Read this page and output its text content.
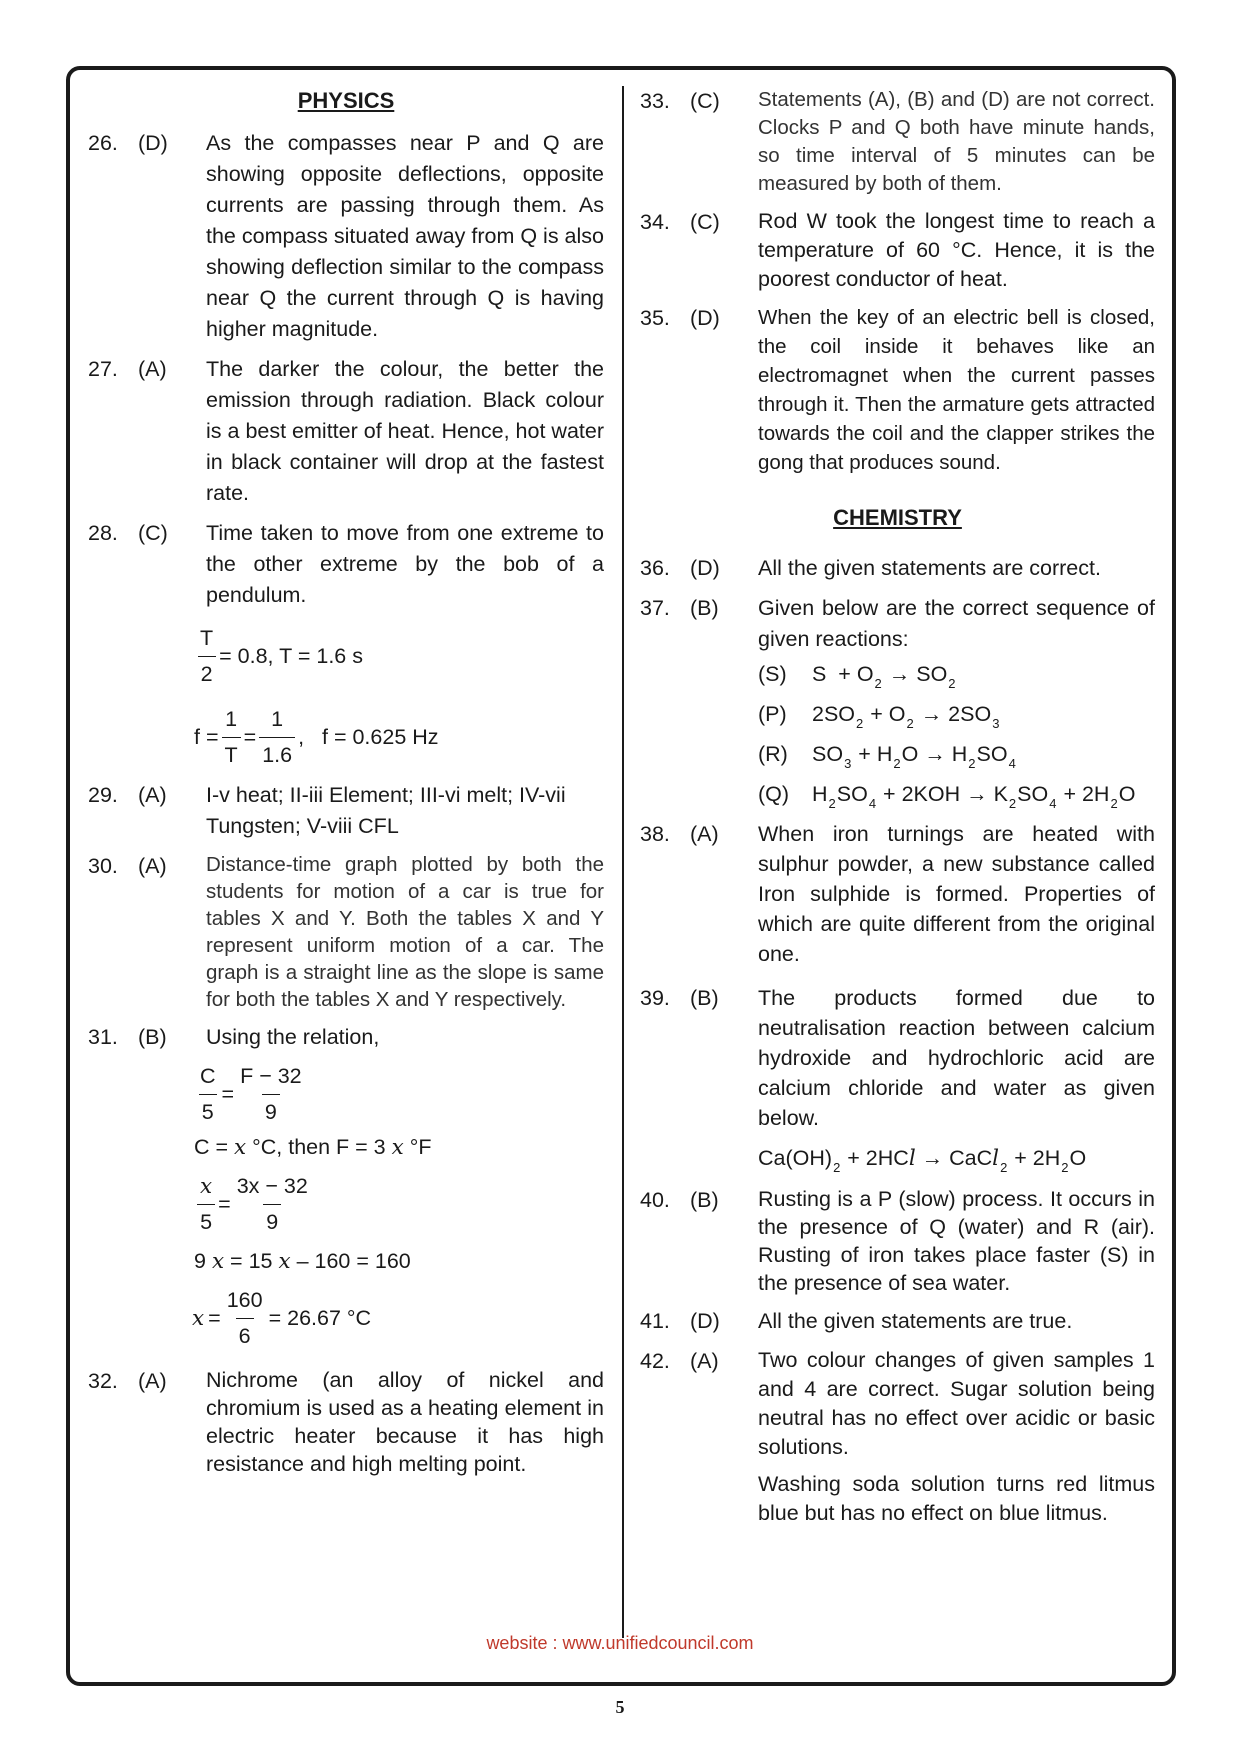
PHYSICS
26. (D) As the compasses near P and Q are showing opposite deflections, opposite currents are passing through them. As the compass situated away from Q is also showing deflection similar to the compass near Q the current through Q is having higher magnitude.
27. (A) The darker the colour, the better the emission through radiation. Black colour is a best emitter of heat. Hence, hot water in black container will drop at the fastest rate.
28. (C) Time taken to move from one extreme to the other extreme by the bob of a pendulum.
$\frac{T}{2} = 0.8$, T = 1.6 s
$f = \frac{1}{T} = \frac{1}{1.6}$ ,   f = 0.625 Hz
29. (A) I-v heat; II-iii Element; III-vi melt; IV-vii Tungsten; V-viii CFL
30. (A) Distance-time graph plotted by both the students for motion of a car is true for tables X and Y. Both the tables X and Y represent uniform motion of a car. The graph is a straight line as the slope is same for both the tables X and Y respectively.
31. (B) Using the relation,
$\frac{C}{5} = \frac{F - 32}{9}$
C = x °C, then F = 3 x °F
$\frac{x}{5} = \frac{3x - 32}{9}$
9 x = 15 x – 160 = 160
$x = \frac{160}{6} = 26.67$ °C
32. (A) Nichrome (an alloy of nickel and chromium is used as a heating element in electric heater because it has high resistance and high melting point.
33. (C) Statements (A), (B) and (D) are not correct. Clocks P and Q both have minute hands, so time interval of 5 minutes can be measured by both of them.
34. (C) Rod W took the longest time to reach a temperature of 60 °C. Hence, it is the poorest conductor of heat.
35. (D) When the key of an electric bell is closed, the coil inside it behaves like an electromagnet when the current passes through it. Then the armature gets attracted towards the coil and the clapper strikes the gong that produces sound.
CHEMISTRY
36. (D) All the given statements are correct.
37. (B) Given below are the correct sequence of given reactions:
(S)	$S + O_2 \to SO_2$
(P)	$2SO_2 + O_2 \to 2SO_3$
(R)	$SO_3 + H_2O \to H_2SO_4$
(Q)	$H_2SO_4 + 2KOH \to K_2SO_4 + 2H_2O$
38. (A) When iron turnings are heated with sulphur powder, a new substance called Iron sulphide is formed. Properties of which are quite different from the original one.
39. (B) The products formed due to neutralisation reaction between calcium hydroxide and hydrochloric acid are calcium chloride and water as given below.
$Ca(OH)_2 + 2HCl$ → CaCl$_2$ + $2H_2O$
40. (B) Rusting is a P (slow) process. It occurs in the presence of Q (water) and R (air). Rusting of iron takes place faster (S) in the presence of sea water.
41. (D) All the given statements are true.
42. (A) Two colour changes of given samples 1 and 4 are correct. Sugar solution being neutral has no effect over acidic or basic solutions.
Washing soda solution turns red litmus blue but has no effect on blue litmus.
website : www.unifiedcouncil.com
5
